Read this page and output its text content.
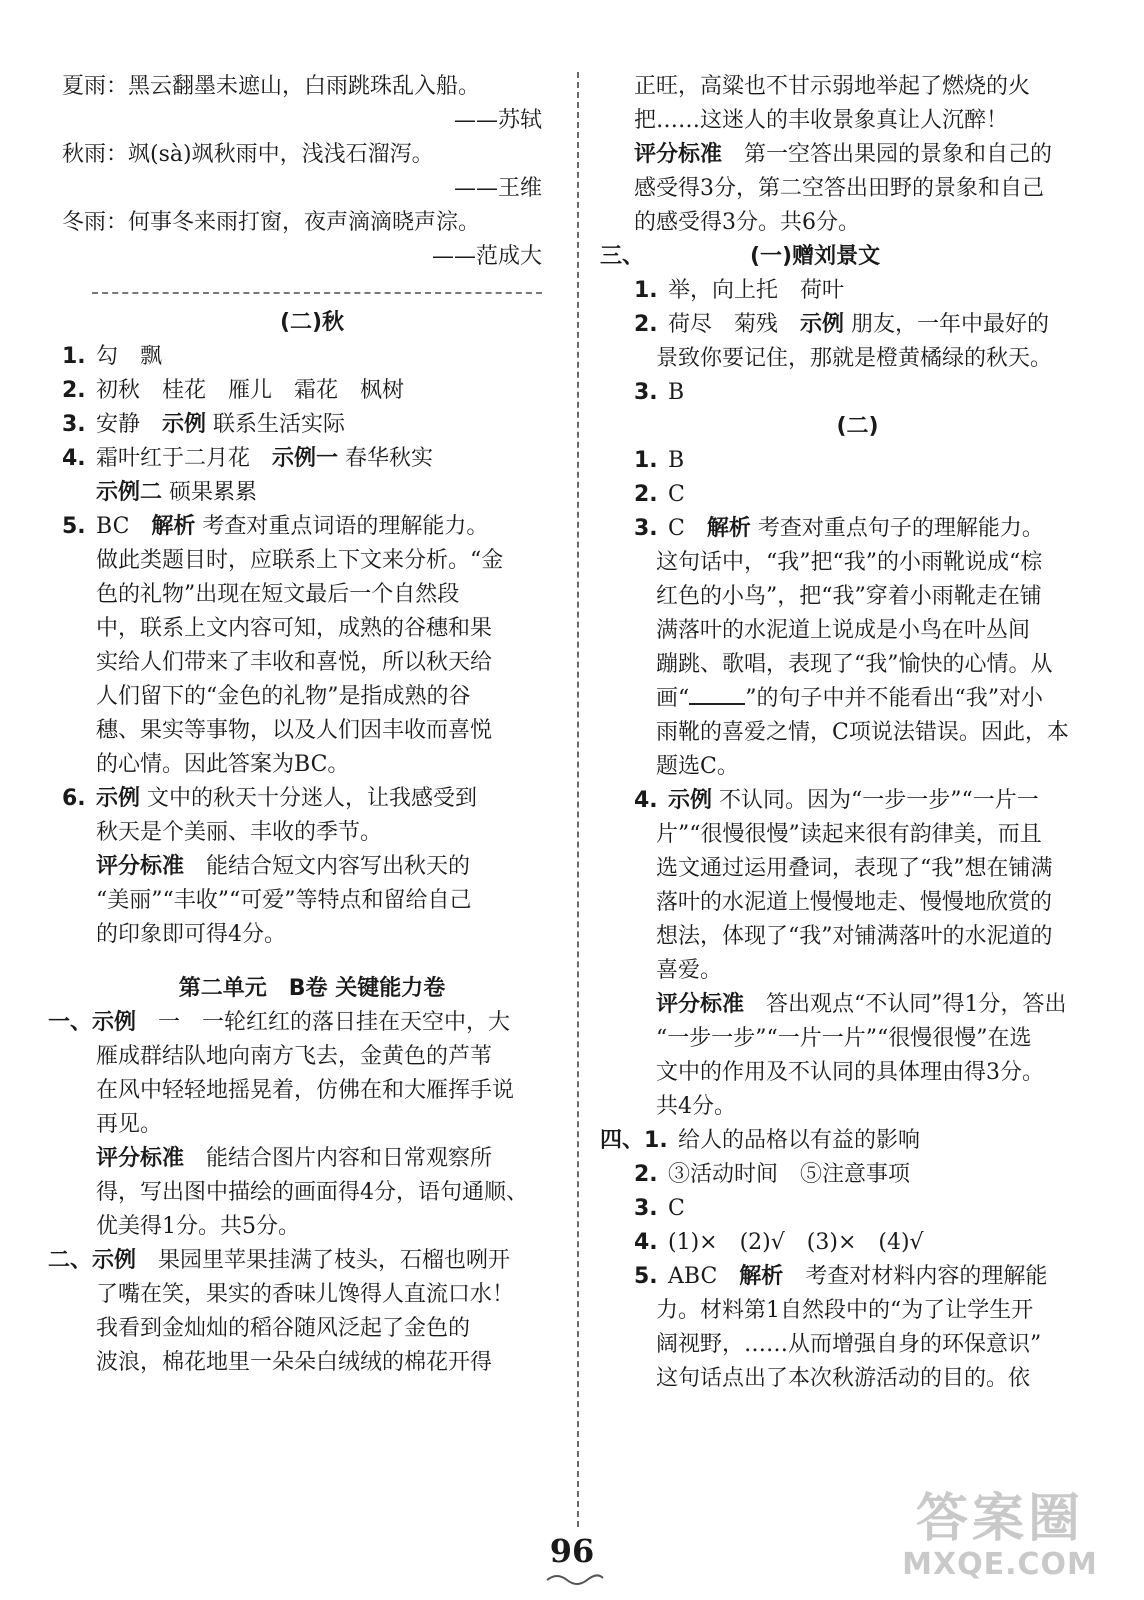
夏雨：黑云翻墨未遮山，白雨跳珠乱入船。
——苏轼
秋雨：飒(sà)飒秋雨中，浅浅石溜泻。
——王维
冬雨：何事冬来雨打窗，夜声滴滴晓声淙。
——范成大
(二)秋
1. 勾　飘
2. 初秋　桂花　雁儿　霜花　枫树
3. 安静　示例 联系生活实际
4. 霜叶红于二月花　示例一 春华秋实
示例二 硕果累累
5. BC　解析 考查对重点词语的理解能力。
做此类题目时，应联系上下文来分析。“金
色的礼物”出现在短文最后一个自然段
中，联系上文内容可知，成熟的谷穗和果
实给人们带来了丰收和喜悦，所以秋天给
人们留下的“金色的礼物”是指成熟的谷
穗、果实等事物，以及人们因丰收而喜悦
的心情。因此答案为BC。
6. 示例 文中的秋天十分迷人，让我感受到
秋天是个美丽、丰收的季节。
评分标准　能结合短文内容写出秋天的
“美丽”“丰收”“可爱”等特点和留给自己
的印象即可得4分。
第二单元　B卷 关键能力卷
一、示例　一　一轮红红的落日挂在天空中，大
雁成群结队地向南方飞去，金黄色的芦苇
在风中轻轻地摇晃着，仿佛在和大雁挥手说
再见。
评分标准　能结合图片内容和日常观察所
得，写出图中描绘的画面得4分，语句通顺、
优美得1分。共5分。
二、示例　果园里苹果挂满了枝头，石榴也咧开
了嘴在笑，果实的香味儿馋得人直流口水！
我看到金灿灿的稻谷随风泛起了金色的
波浪，棉花地里一朵朵白绒绒的棉花开得
正旺，高粱也不甘示弱地举起了燃烧的火
把……这迷人的丰收景象真让人沉醉！
评分标准　第一空答出果园的景象和自己的
感受得3分，第二空答出田野的景象和自己
的感受得3分。共6分。
三、	(一)赠刘景文
1. 举，向上托　荷叶
2. 荷尽　菊残　示例 朋友，一年中最好的
景致你要记住，那就是橙黄橘绿的秋天。
3. B
(二)
1. B
2. C
3. C　解析 考查对重点句子的理解能力。
这句话中，“我”把“我”的小雨靴说成“棕
红色的小鸟”，把“我”穿着小雨靴走在铺
满落叶的水泥道上说成是小鸟在叶丛间
蹦跳、歌唱，表现了“我”愉快的心情。从
画“	”的句子中并不能看出“我”对小
雨靴的喜爱之情，C项说法错误。因此，本
题选C。
4. 示例 不认同。因为“一步一步”“一片一
片”“很慢很慢”读起来很有韵律美，而且
选文通过运用叠词，表现了“我”想在铺满
落叶的水泥道上慢慢地走、慢慢地欣赏的
想法，体现了“我”对铺满落叶的水泥道的
喜爱。
评分标准　答出观点“不认同”得1分，答出
“一步一步”“一片一片”“很慢很慢”在选
文中的作用及不认同的具体理由得3分。
共4分。
四、1. 给人的品格以有益的影响
2. ③活动时间　⑤注意事项
3. C
4. (1)×　(2)√　(3)×　(4)√
5. ABC　解析　考查对材料内容的理解能
力。材料第1自然段中的“为了让学生开
阔视野，……从而增强自身的环保意识”
这句话点出了本次秋游活动的目的。依
96
答案圈
MXQE.COM
